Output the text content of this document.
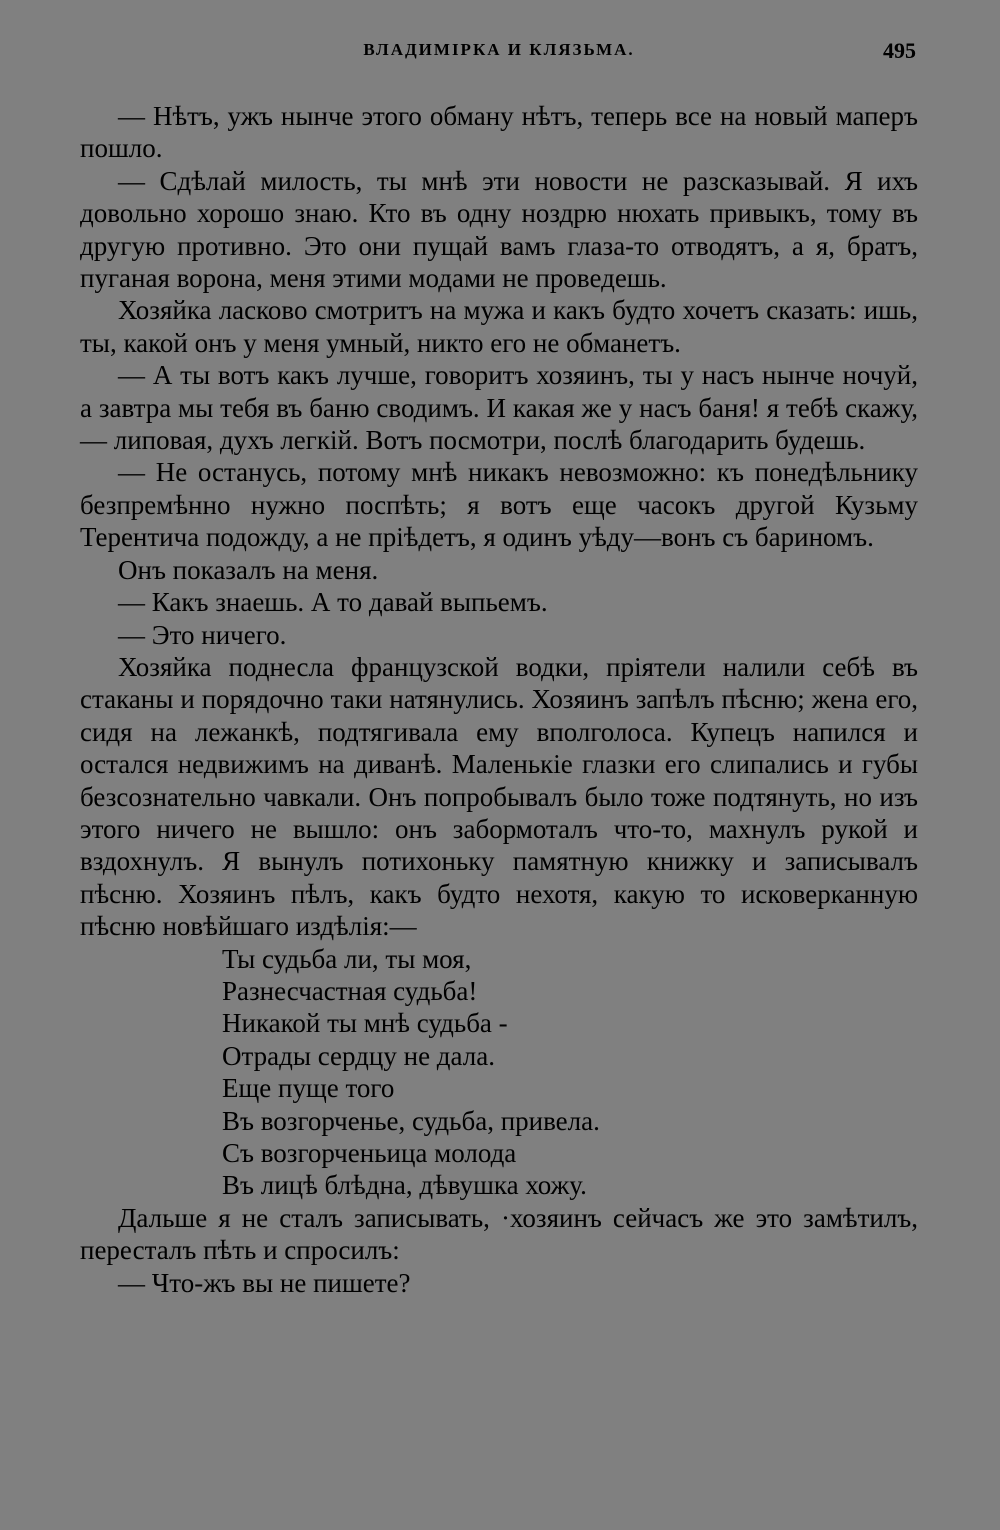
ВЛАДИМІРКА И КЛЯЗЬМА.	495

— Нѣтъ, ужъ нынче этого обману нѣтъ, теперь все на новый маперъ пошло.

— Сдѣлай милость, ты мнѣ эти новости не разсказывай. Я ихъ довольно хорошо знаю. Кто въ одну ноздрю нюхать привыкъ, тому въ другую противно. Это они пущай вамъ глаза-то отводятъ, а я, братъ, пуганая ворона, меня этими модами не проведешь.

Хозяйка ласково смотритъ на мужа и какъ будто хочетъ сказать: ишь, ты, какой онъ у меня умный, никто его не обманетъ.

— А ты вотъ какъ лучше, говоритъ хозяинъ, ты у насъ нынче ночуй, а завтра мы тебя въ баню сводимъ. И какая же у насъ баня! я тебѣ скажу, — липовая, духъ легкій. Вотъ посмотри, послѣ благодарить будешь.

— Не останусь, потому мнѣ никакъ невозможно: къ понедѣльнику безпремѣнно нужно поспѣть; я вотъ еще часокъ другой Кузьму Терентича подожду, а не пріѣдетъ, я одинъ уѣду—вонъ съ бариномъ.

Онъ показалъ на меня.

— Какъ знаешь. А то давай выпьемъ.

— Это ничего.

Хозяйка поднесла французской водки, пріятели налили себѣ въ стаканы и порядочно таки натянулись. Хозяинъ запѣлъ пѣсню; жена его, сидя на лежанкѣ, подтягивала ему вполголоса. Купецъ напился и остался недвижимъ на диванѣ. Маленькіе глазки его слипались и губы безсознательно чавкали. Онъ попробывалъ было тоже подтянуть, но изъ этого ничего не вышло: онъ забормоталъ что-то, махнулъ рукой и вздохнулъ. Я вынулъ потихоньку памятную книжку и записывалъ пѣсню. Хозяинъ пѣлъ, какъ будто нехотя, какую то исковерканную пѣсню новѣйшаго издѣлія:—

Ты судьба ли, ты моя,
Разнесчастная судьба!
Никакой ты мнѣ судьба -
Отрады сердцу не дала.
Еще пуще того
Въ возгорченье, судьба, привела.
Съ возгорченьица молода
Въ лицѣ блѣдна, дѣвушка хожу.

Дальше я не сталъ записывать, ·хозяинъ сейчасъ же это замѣтилъ, пересталъ пѣть и спросилъ:

— Что-жъ вы не пишете?
